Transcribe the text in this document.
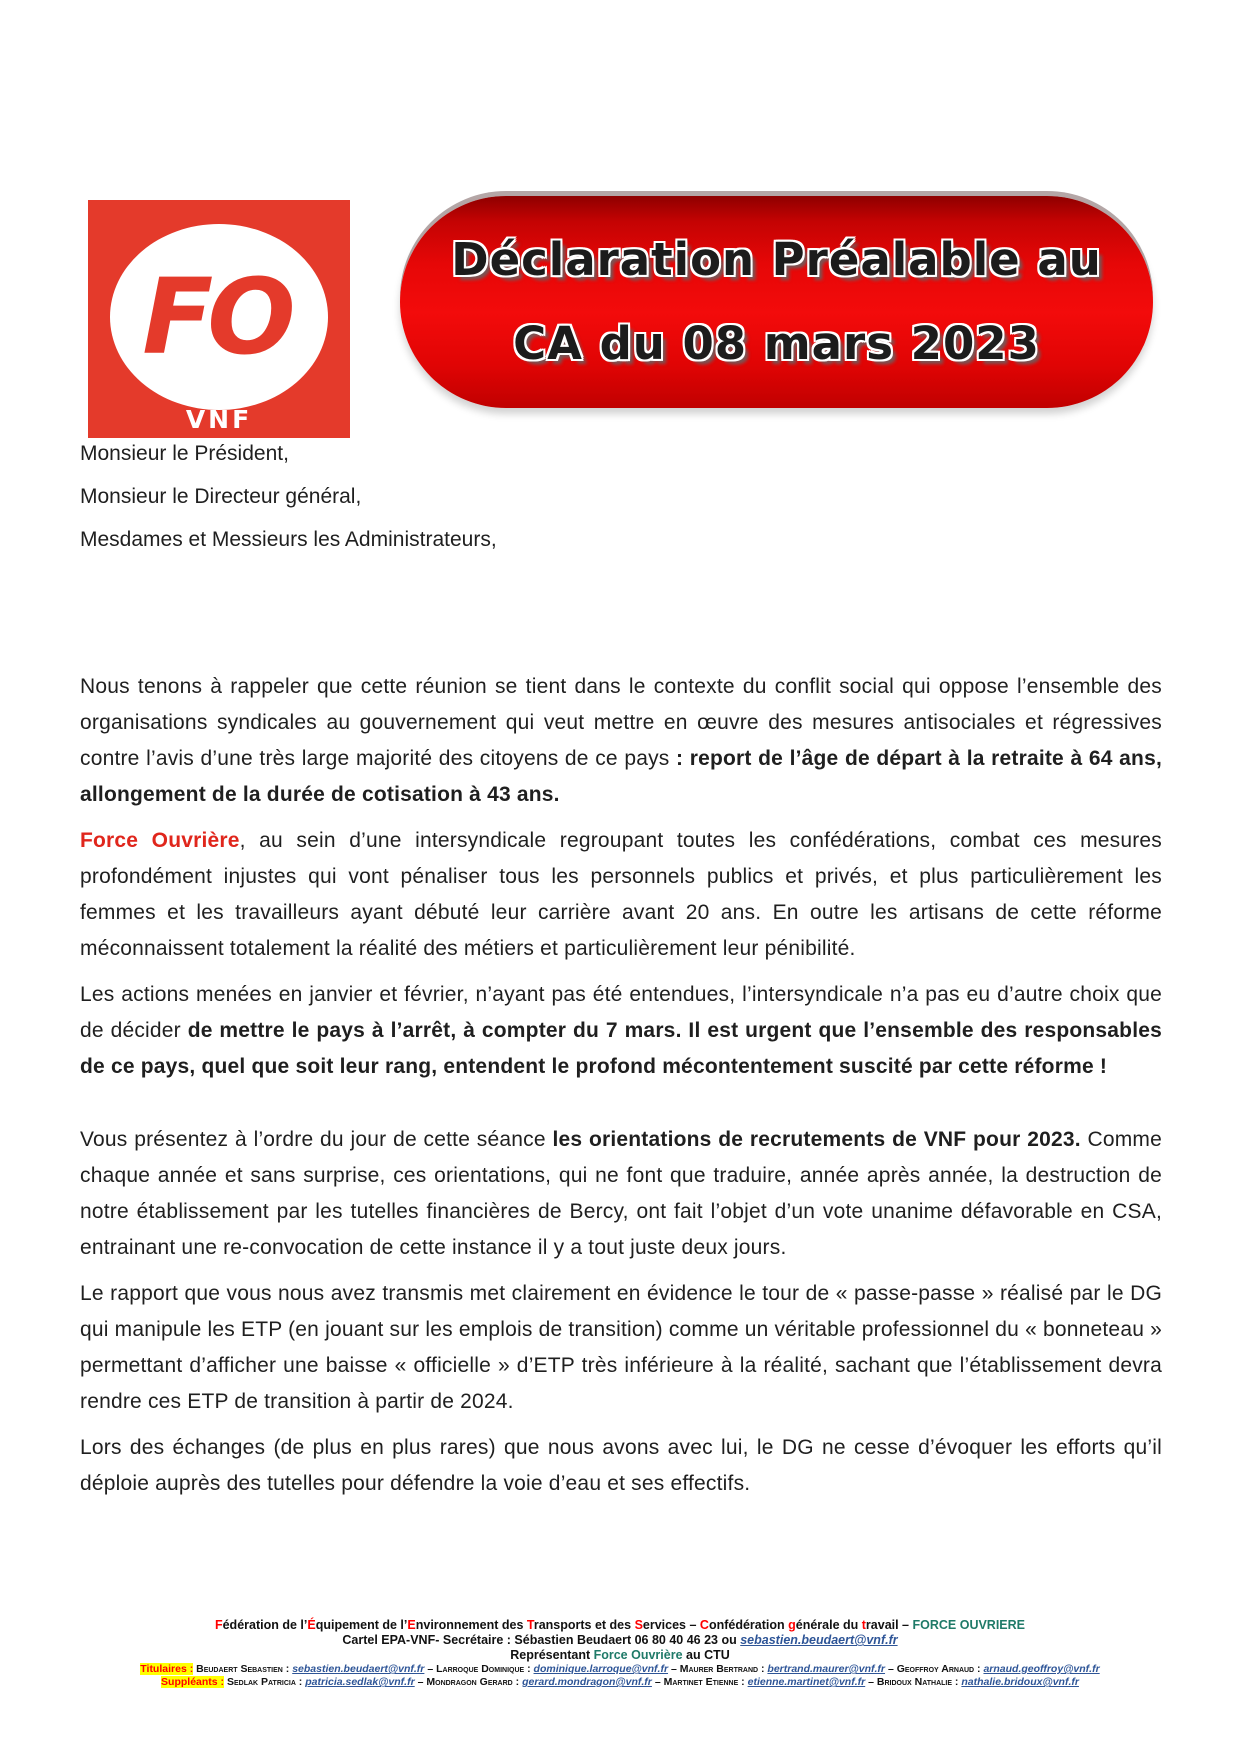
FO
VNF
Déclaration Préalable au
CA du 08 mars 2023

Monsieur le Président,

Monsieur le Directeur général,

Mesdames et Messieurs les Administrateurs,

Nous tenons à rappeler que cette réunion se tient dans le contexte du conflit social qui oppose l’ensemble des organisations syndicales au gouvernement qui veut mettre en œuvre des mesures antisociales et régressives contre l’avis d’une très large majorité des citoyens de ce pays : report de l’âge de départ à la retraite à 64 ans, allongement de la durée de cotisation à 43 ans.

Force Ouvrière, au sein d’une intersyndicale regroupant toutes les confédérations, combat ces mesures profondément injustes qui vont pénaliser tous les personnels publics et privés, et plus particulièrement les femmes et les travailleurs ayant débuté leur carrière avant 20 ans. En outre les artisans de cette réforme méconnaissent totalement la réalité des métiers et particulièrement leur pénibilité.

Les actions menées en janvier et février, n’ayant pas été entendues, l’intersyndicale n’a pas eu d’autre choix que de décider de mettre le pays à l’arrêt, à compter du 7 mars. Il est urgent que l’ensemble des responsables de ce pays, quel que soit leur rang, entendent le profond mécontentement suscité par cette réforme !

Vous présentez à l’ordre du jour de cette séance les orientations de recrutements de VNF pour 2023. Comme chaque année et sans surprise, ces orientations, qui ne font que traduire, année après année, la destruction de notre établissement par les tutelles financières de Bercy, ont fait l’objet d’un vote unanime défavorable en CSA, entrainant une re-convocation de cette instance il y a tout juste deux jours.

Le rapport que vous nous avez transmis met clairement en évidence le tour de « passe-passe » réalisé par le DG qui manipule les ETP (en jouant sur les emplois de transition) comme un véritable professionnel du « bonneteau » permettant d’afficher une baisse « officielle » d’ETP très inférieure à la réalité, sachant que l’établissement devra rendre ces ETP de transition à partir de 2024.

Lors des échanges (de plus en plus rares) que nous avons avec lui, le DG ne cesse d’évoquer les efforts qu’il déploie auprès des tutelles pour défendre la voie d’eau et ses effectifs.

Fédération de l’Équipement de l’Environnement des Transports et des Services – Confédération générale du travail – FORCE OUVRIERE

Cartel EPA-VNF- Secrétaire : Sébastien Beudaert 06 80 40 46 23 ou sebastien.beudaert@vnf.fr

Représentant Force Ouvrière au CTU

Titulaires : Beudaert Sebastien : sebastien.beudaert@vnf.fr – Larroque Dominique : dominique.larroque@vnf.fr – Maurer Bertrand : bertrand.maurer@vnf.fr – Geoffroy Arnaud : arnaud.geoffroy@vnf.fr

Suppléants : Sedlak Patricia : patricia.sedlak@vnf.fr – Mondragon Gerard : gerard.mondragon@vnf.fr – Martinet Etienne : etienne.martinet@vnf.fr – Bridoux Nathalie : nathalie.bridoux@vnf.fr
